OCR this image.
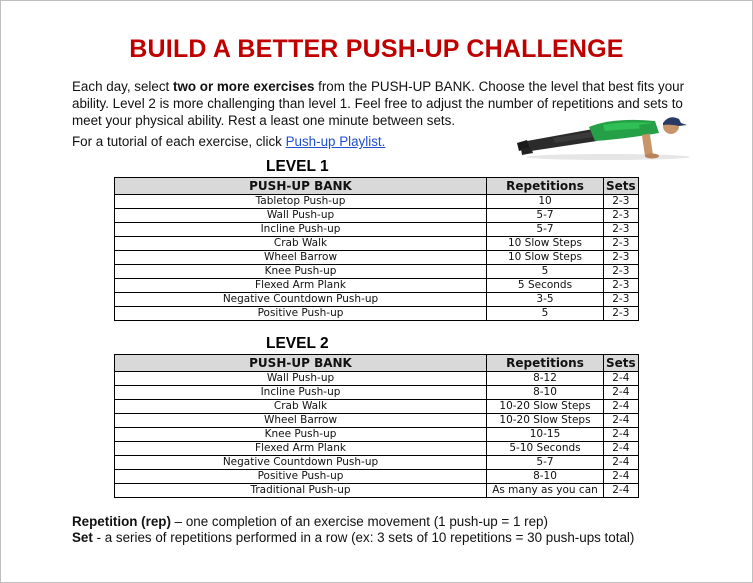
BUILD A BETTER PUSH-UP CHALLENGE
Each day, select two or more exercises from the PUSH-UP BANK. Choose the level that best fits your ability. Level 2 is more challenging than level 1. Feel free to adjust the number of repetitions and sets to meet your physical ability. Rest a least one minute between sets.
For a tutorial of each exercise, click Push-up Playlist.
LEVEL 1
PUSH-UP BANK	Repetitions	Sets
Tabletop Push-up	10	2-3
Wall Push-up	5-7	2-3
Incline Push-up	5-7	2-3
Crab Walk	10 Slow Steps	2-3
Wheel Barrow	10 Slow Steps	2-3
Knee Push-up	5	2-3
Flexed Arm Plank	5 Seconds	2-3
Negative Countdown Push-up	3-5	2-3
Positive Push-up	5	2-3
LEVEL 2
PUSH-UP BANK	Repetitions	Sets
Wall Push-up	8-12	2-4
Incline Push-up	8-10	2-4
Crab Walk	10-20 Slow Steps	2-4
Wheel Barrow	10-20 Slow Steps	2-4
Knee Push-up	10-15	2-4
Flexed Arm Plank	5-10 Seconds	2-4
Negative Countdown Push-up	5-7	2-4
Positive Push-up	8-10	2-4
Traditional Push-up	As many as you can	2-4
Repetition (rep) – one completion of an exercise movement (1 push-up = 1 rep)
Set - a series of repetitions performed in a row (ex: 3 sets of 10 repetitions = 30 push-ups total)
